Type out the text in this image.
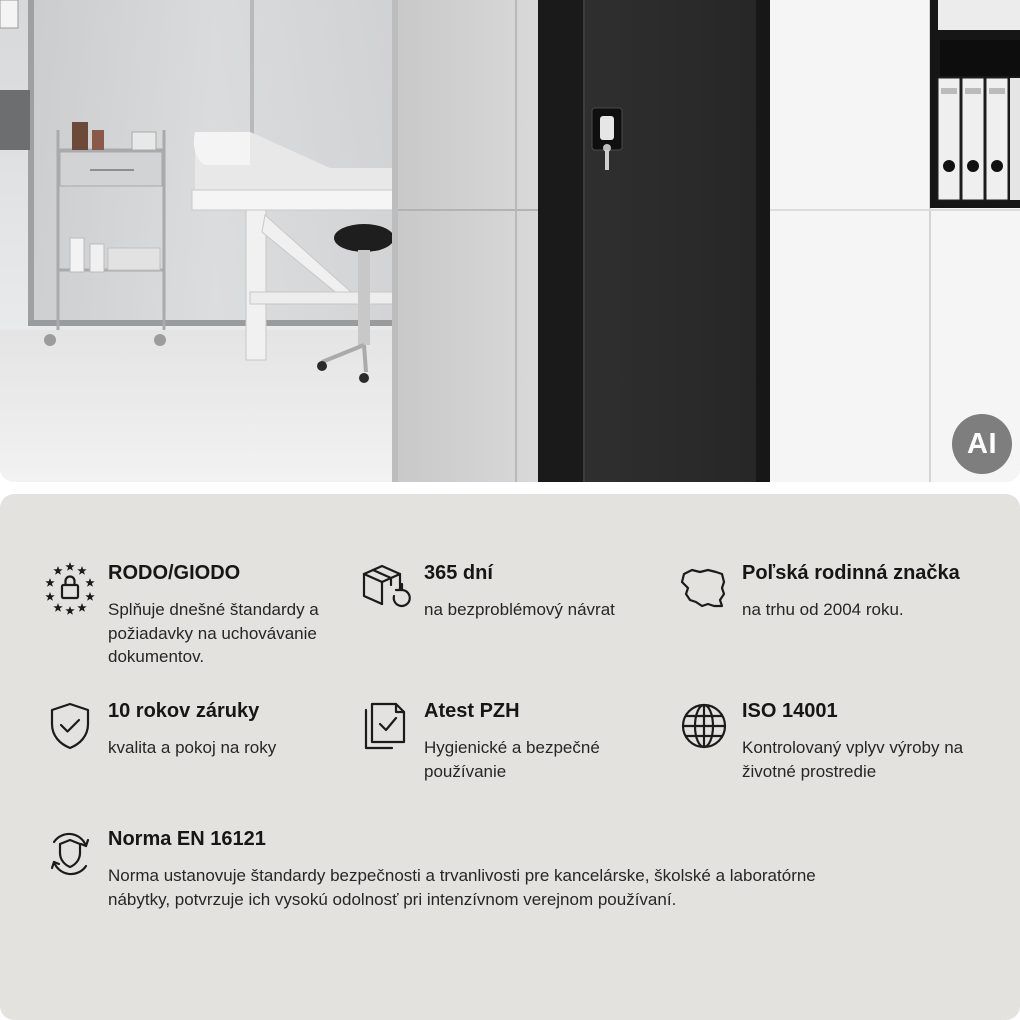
AI
RODO/GIODO
Splňuje dnešné štandardy a požiadavky na uchovávanie dokumentov.
365 dní
na bezproblémový návrat
Poľská rodinná značka
na trhu od 2004 roku.
10 rokov záruky
kvalita a pokoj na roky
Atest PZH
Hygienické a bezpečné používanie
ISO 14001
Kontrolovaný vplyv výroby na životné prostredie
Norma EN 16121
Norma ustanovuje štandardy bezpečnosti a trvanlivosti pre kancelárske, školské a laboratórne nábytky, potvrzuje ich vysokú odolnosť pri intenzívnom verejnom používaní.
